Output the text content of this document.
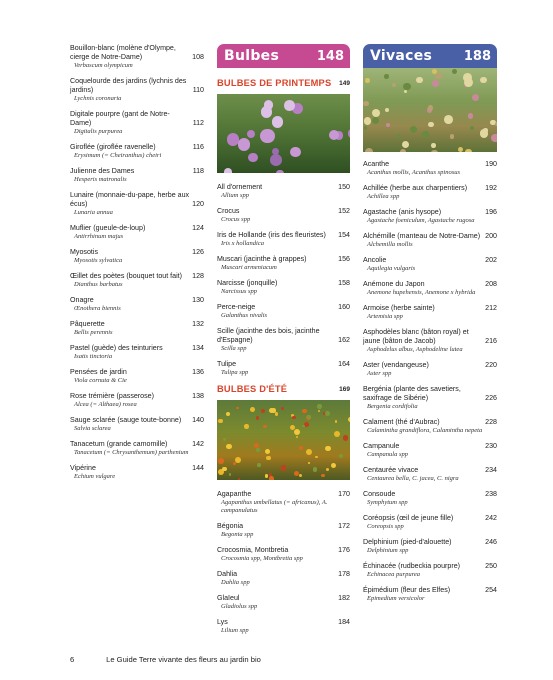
Bouillon-blanc (molène d'Olympe, cierge de Notre-Dame)	108
Verbascum olympicum
Coquelourde des jardins (lychnis des jardins)	110
Lychnis coronaria
Digitale pourpre (gant de Notre-Dame)	112
Digitalis purpurea
Giroflée (giroflée ravenelle)	116
Erysimum (= Cheiranthus) cheiri
Julienne des Dames	118
Hesperis matronalis
Lunaire (monnaie-du-pape, herbe aux écus)	120
Lunaria annua
Muflier (gueule-de-loup)	124
Antirrhinum majus
Myosotis	126
Myosotis sylvatica
Œillet des poètes (bouquet tout fait)	128
Dianthus barbatus
Onagre	130
Œnothera biennis
Pâquerette	132
Bellis perennis
Pastel (guède) des teinturiers	134
Isatis tinctoria
Pensées de jardin	136
Viola cornuta & Cie
Rose trémière (passerose)	138
Alcea (= Althaea) rosea
Sauge sclarée (sauge toute-bonne)	140
Salvia sclarea
Tanacetum (grande camomille)	142
Tanacetum (= Chrysanthemum) parthenium
Vipérine	144
Echium vulgare
Bulbes	148
BULBES DE PRINTEMPS 149
All d'ornement	150
Allium spp
Crocus	152
Crocus spp
Iris de Hollande (iris des fleuristes)	154
Iris x hollandica
Muscari (jacinthe à grappes)	156
Muscari armeniacum
Narcisse (jonquille)	158
Narcissus spp
Perce-neige	160
Galanthus nivalis
Scille (jacinthe des bois, jacinthe d'Espagne)	162
Scilla spp
Tulipe	164
Tulipa spp
BULBES D'ÉTÉ	169
Agapanthe	170
Agapanthus umbellatus (= africanus), A. campanulatus
Bégonia	172
Begonia spp
Crocosmia, Montbretia	176
Crocosmia spp, Montbretia spp
Dahlia	178
Dahlia spp
Glaïeul	182
Gladiolus spp
Lys	184
Lilium spp
Vivaces 188
Acanthe	190
Acanthus mollis, Acanthus spinosus
Achillée (herbe aux charpentiers)	192
Achillea spp
Agastache (anis hysope)	196
Agastache foeniculum, Agastache rugosa
Alchémille (manteau de Notre-Dame) 200
Alchemilla mollis
Ancolie	202
Aquilegia vulgaris
Anémone du Japon	208
Anemone hupehensis, Anemone x hybrida
Armoise (herbe sainte)	212
Artemisia spp
Asphodèles blanc (bâton royal) et jaune (bâton de Jacob)	216
Asphodelus albus, Asphodeline lutea
Aster (vendangeuse)	220
Aster spp
Bergénia (plante des savetiers, saxifrage de Sibérie)	226
Bergenia cordifolia
Calament (thé d'Aubrac)	228
Calamintha grandiflora, Calamintha nepeta
Campanule	230
Campanula spp
Centaurée vivace	234
Centaurea bella, C. jacea, C. nigra
Consoude	238
Symphytum spp
Coréopsis (œil de jeune fille)	242
Coreopsis spp
Delphinium (pied-d'alouette)	246
Delphinium spp
Échinacée (rudbeckia pourpre)	250
Echinacea purpurea
Épimédium (fleur des Elfes)	254
Epimedium versicolor
6	Le Guide Terre vivante des fleurs au jardin bio
